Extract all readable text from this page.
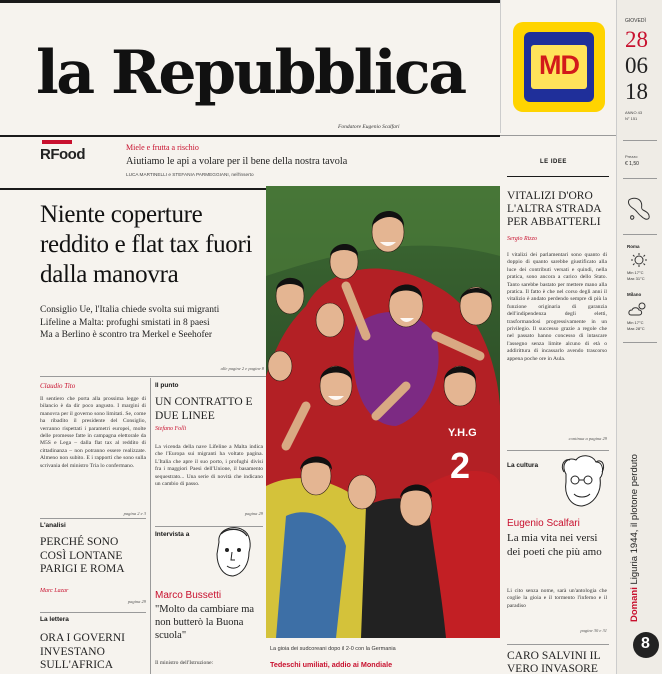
la Repubblica
Fondatore Eugenio Scalfari
MD
GIOVEDÌ
28
06
18
ANNO 43
N° 151
Prezzo
€ 1,50
Roma
Min 17°C
Max 31°C
Milano
Min 17°C
Max 28°C
Domani Liguria 1944, il plotone perduto
8
RFood	Miele e frutta a rischio
Aiutiamo le api a volare per il bene della nostra tavola
LUCA MARTINELLI e STEFANIA PARMEGGIANI, nell'inserto
LE IDEE
Niente coperture reddito e flat tax fuori dalla manovra
Consiglio Ue, l'Italia chiede svolta sui migranti
Lifeline a Malta: profughi smistati in 8 paesi
Ma a Berlino è scontro tra Merkel e Seehofer
alle pagine 2 e pagine 8
Claudio Tito
Il sentiero che porta alla prossima legge di bilancio è da dir poco angusto. I margini di manovra per il governo sono limitati. Se, come ha ribadito il presidente del Consiglio, verranno rispettati i parametri europei, molte delle promesse fatte in campagna elettorale da M5S e Lega – dalla flat tax al reddito di cittadinanza – non potranno essere realizzate. Almeno non subito. E i rapporti che sono sulla scrivania del ministro Tria lo confermano.
pagina 2 e 3
L'analisi
PERCHÉ SONO COSÌ LONTANE PARIGI E ROMA
Marc Lazar
pagina 29
La lettera
ORA I GOVERNI INVESTANO SULL'AFRICA
Il punto
UN CONTRATTO E DUE LINEE
Stefano Folli
La vicenda della nave Lifeline a Malta indica che l'Europa sui migranti ha voltato pagina. L'Italia che apre il suo porto, i profughi divisi fra i maggiori Paesi dell'Unione, il basamento sequestrato... Una serie di novità che indicano un cambio di passo.
pagina 29
Intervista a
Marco Bussetti
"Molto da cambiare ma non butterò la Buona scuola"
Il ministro dell'Istruzione:
Y.H.G
2
La gioia dei sudcoreani dopo il 2-0 con la Germania
Tedeschi umiliati, addio ai Mondiale
VITALIZI D'ORO L'ALTRA STRADA PER ABBATTERLI
Sergio Rizzo
I vitalizi dei parlamentari sono quanto di doppio di quanto sarebbe giustificato alla luce dei contributi versati e quindi, nella pratica, sono ancora a carico dello Stato. Tanto sarebbe bastato per mettere mano alla pratica. Il fatto è che nel corso degli anni il vitalizio è andato perdendo sempre di più la funzione originaria di garanzia dell'indipendenza degli eletti, trasformandosi progressivamente in un privilegio. Il successo grazie a regole che nel passato hanno concesso di intascare l'assegno senza limite alcuno di età o addirittura di incassarlo avendo trascorso appena poche ore in Aula.
continua a pagina 29
La cultura
Eugenio Scalfari
La mia vita nei versi dei poeti che più amo
Li cito senza nome, sarà un'antologia che coglie la gioia e il tormento l'inferno e il paradiso
pagine 30 e 31
CARO SALVINI IL VERO INVASORE
